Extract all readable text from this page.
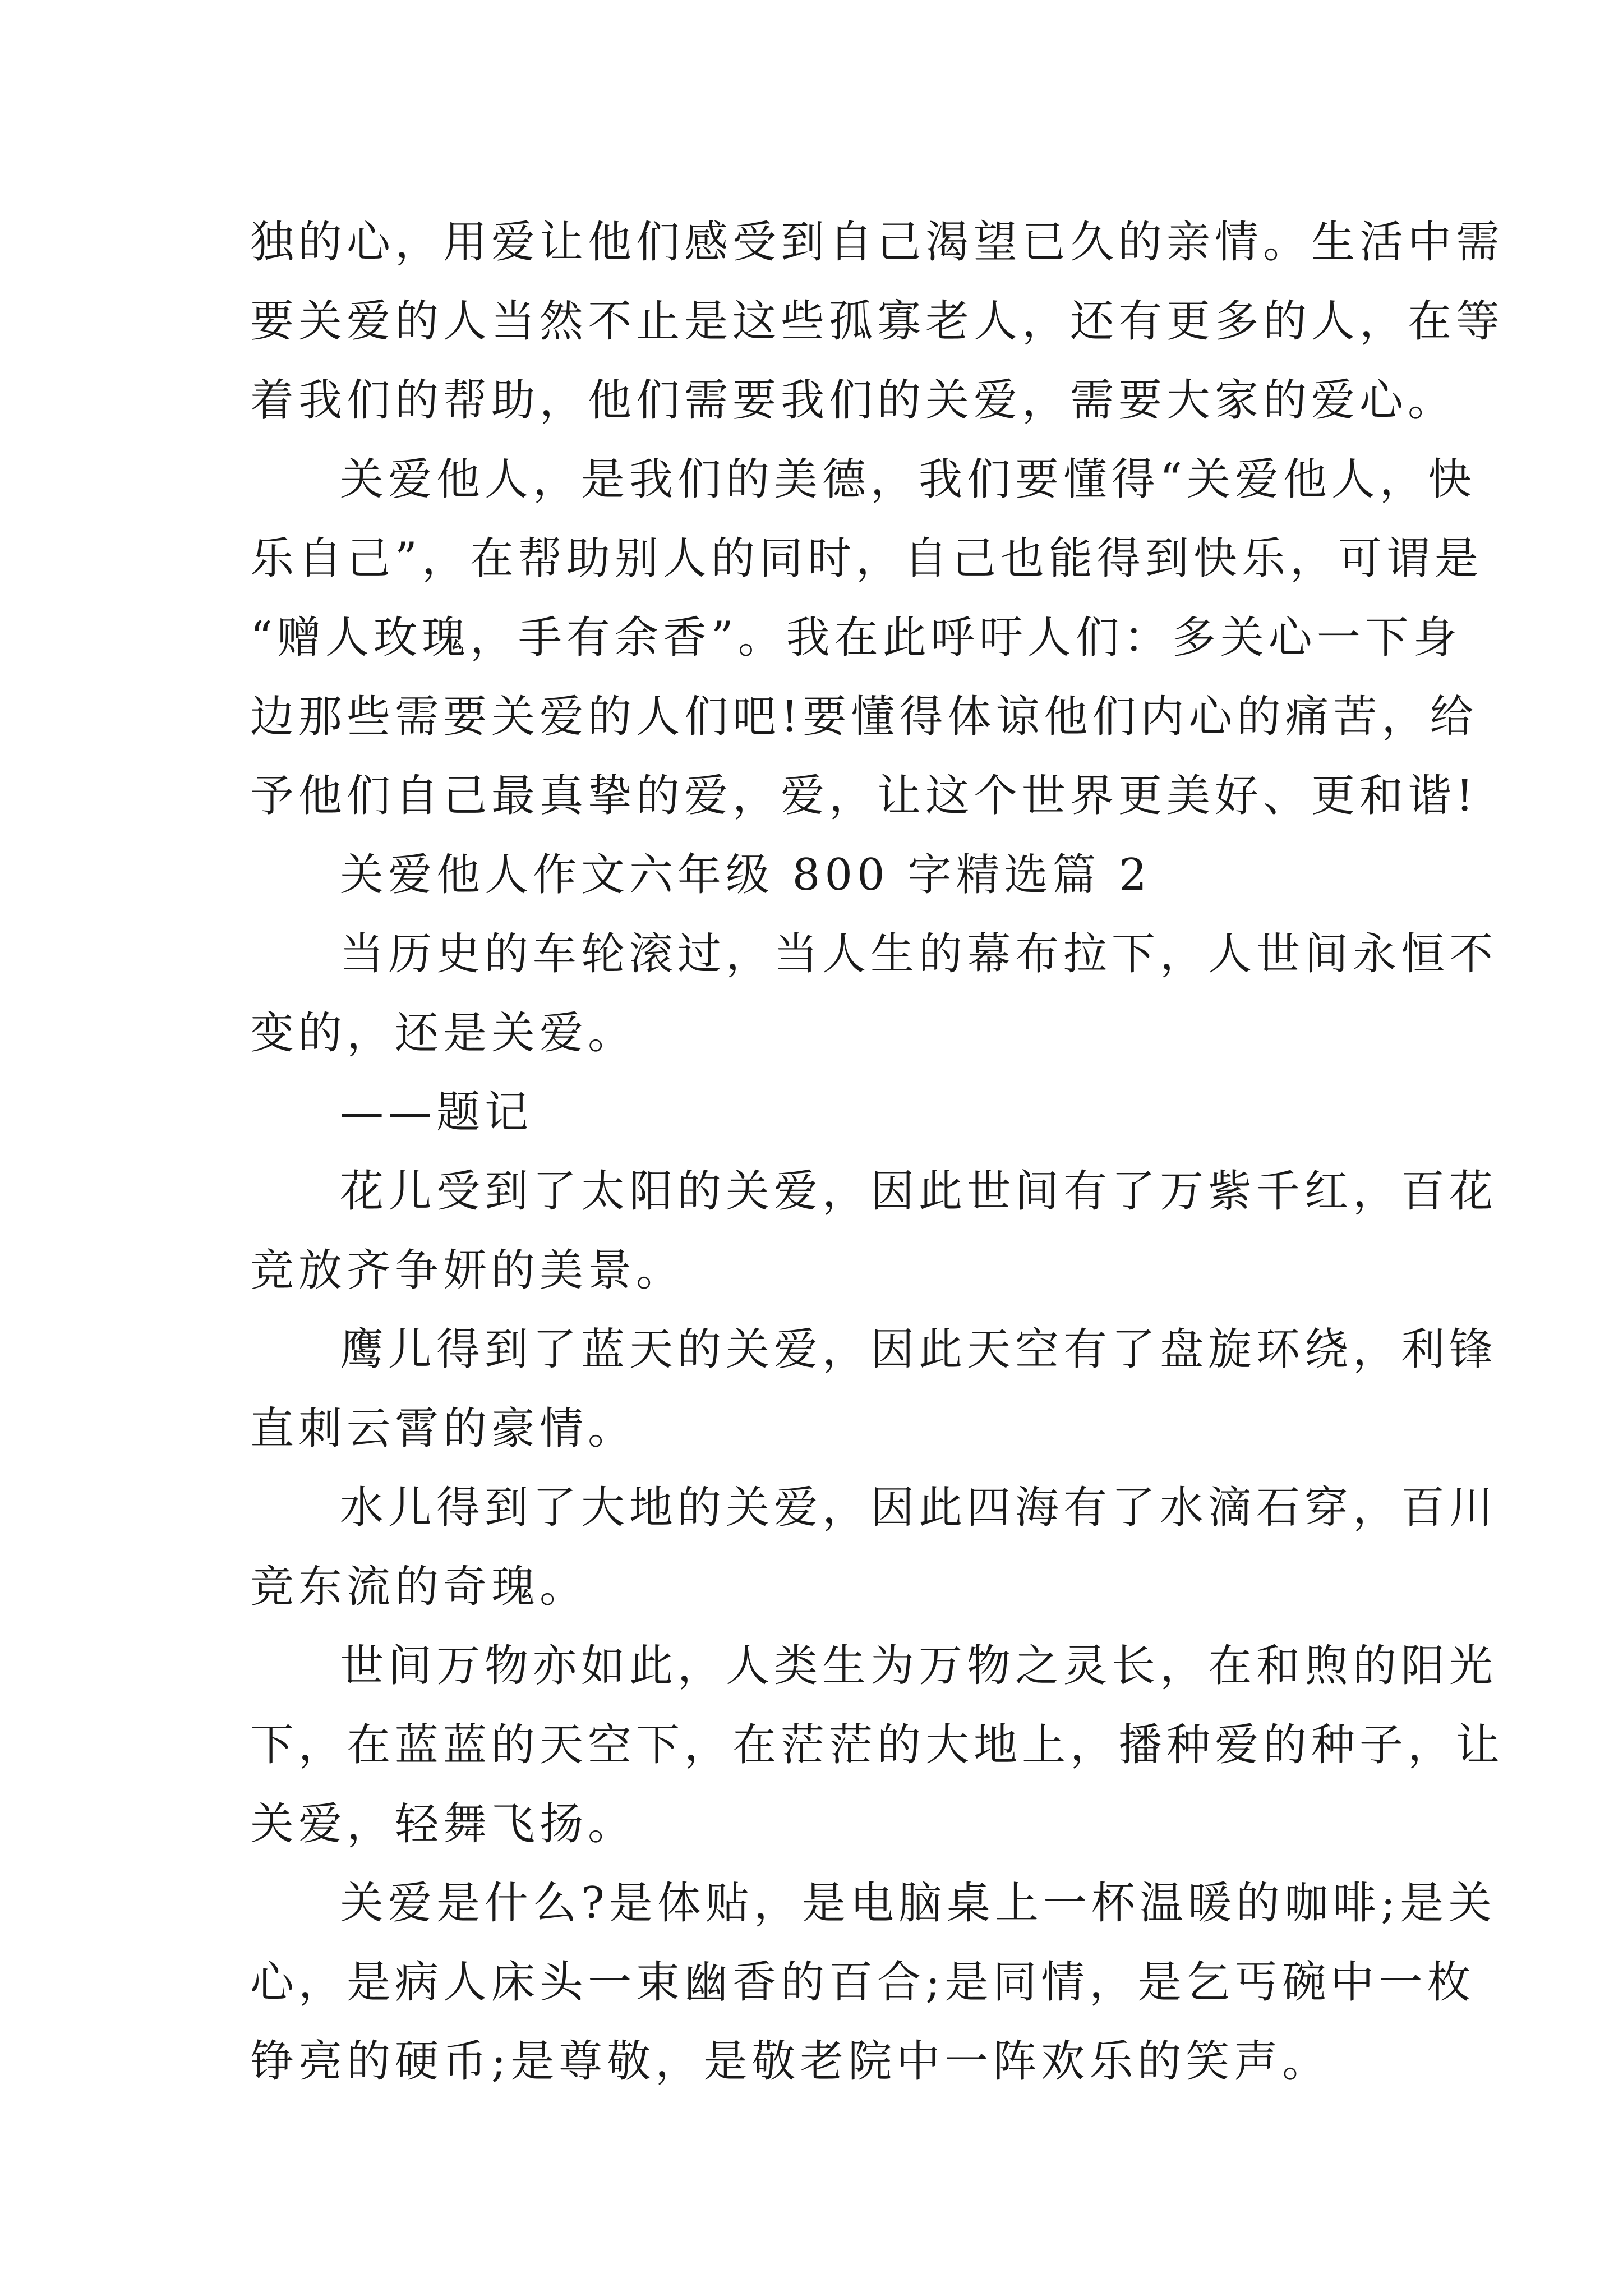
独的心，用爱让他们感受到自己渴望已久的亲情。生活中需
要关爱的人当然不止是这些孤寡老人，还有更多的人，在等
着我们的帮助，他们需要我们的关爱，需要大家的爱心。
关爱他人，是我们的美德，我们要懂得“关爱他人，快
乐自己”，在帮助别人的同时，自己也能得到快乐，可谓是
“赠人玫瑰，手有余香”。我在此呼吁人们：多关心一下身
边那些需要关爱的人们吧!要懂得体谅他们内心的痛苦，给
予他们自己最真挚的爱，爱，让这个世界更美好、更和谐!
关爱他人作文六年级 800 字精选篇 2
当历史的车轮滚过，当人生的幕布拉下，人世间永恒不
变的，还是关爱。
——题记
花儿受到了太阳的关爱，因此世间有了万紫千红，百花
竞放齐争妍的美景。
鹰儿得到了蓝天的关爱，因此天空有了盘旋环绕，利锋
直刺云霄的豪情。
水儿得到了大地的关爱，因此四海有了水滴石穿，百川
竞东流的奇瑰。
世间万物亦如此，人类生为万物之灵长，在和煦的阳光
下，在蓝蓝的天空下，在茫茫的大地上，播种爱的种子，让
关爱，轻舞飞扬。
关爱是什么?是体贴，是电脑桌上一杯温暖的咖啡;是关
心，是病人床头一束幽香的百合;是同情，是乞丐碗中一枚
铮亮的硬币;是尊敬，是敬老院中一阵欢乐的笑声。
